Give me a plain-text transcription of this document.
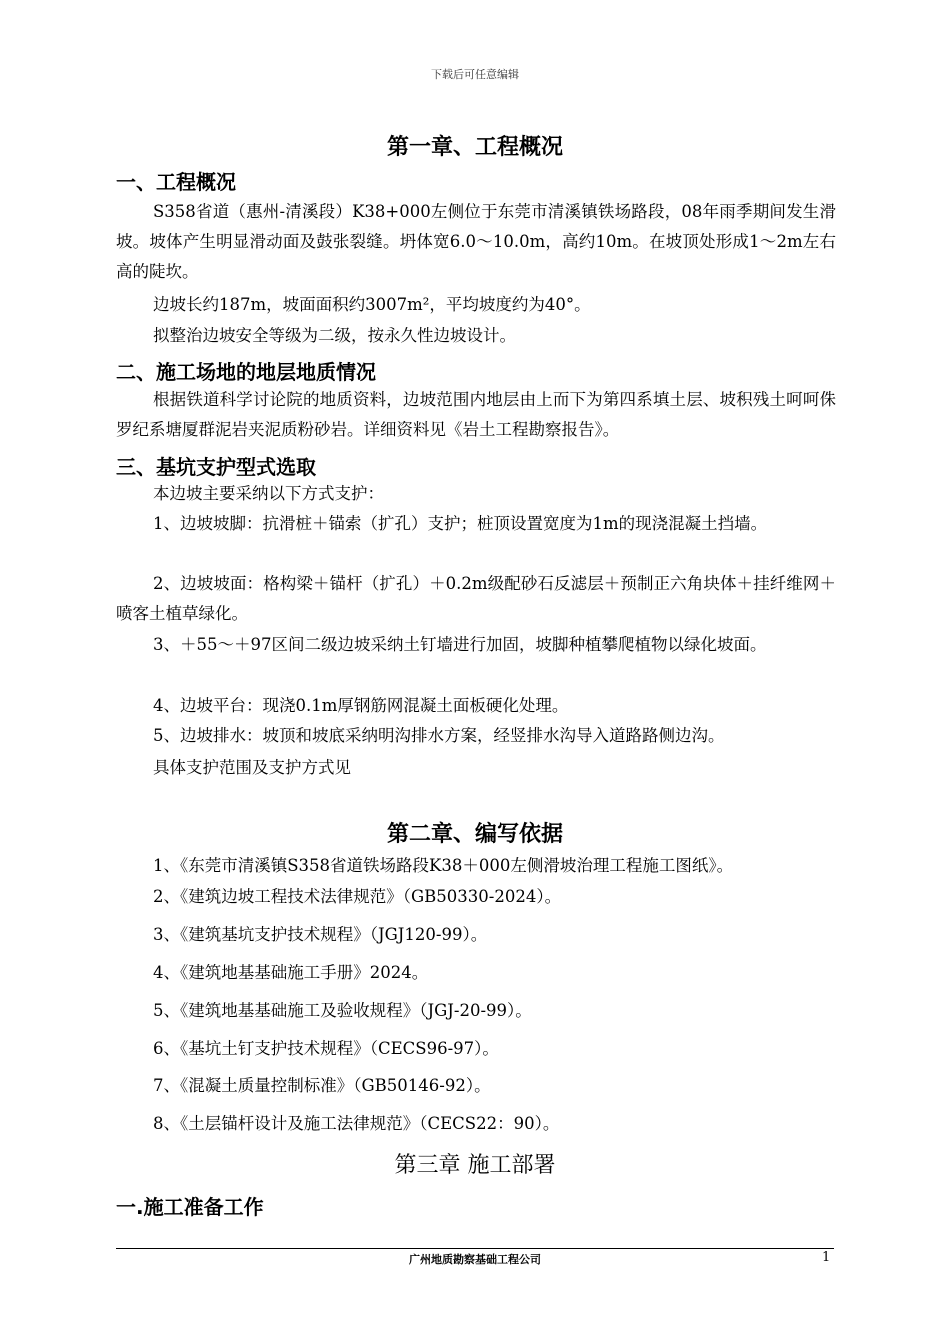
下载后可任意编辑
第一章、工程概况
一、工程概况
S358省道（惠州-清溪段）K38+000左侧位于东莞市清溪镇铁场路段，08年雨季期间发生滑坡。坡体产生明显滑动面及鼓张裂缝。坍体宽6.0～10.0m，高约10m。在坡顶处形成1～2m左右高的陡坎。
边坡长约187m，坡面面积约3007m²，平均坡度约为40°。
拟整治边坡安全等级为二级，按永久性边坡设计。
二、施工场地的地层地质情况
根据铁道科学讨论院的地质资料，边坡范围内地层由上而下为第四系填土层、坡积残土呵呵侏罗纪系塘厦群泥岩夹泥质粉砂岩。详细资料见《岩土工程勘察报告》。
三、基坑支护型式选取
本边坡主要采纳以下方式支护：
1、边坡坡脚：抗滑桩＋锚索（扩孔）支护；桩顶设置宽度为1m的现浇混凝土挡墙。
2、边坡坡面：格构梁＋锚杆（扩孔）＋0.2m级配砂石反滤层＋预制正六角块体＋挂纤维网＋喷客土植草绿化。
3、＋55～＋97区间二级边坡采纳土钉墙进行加固，坡脚种植攀爬植物以绿化坡面。
4、边坡平台：现浇0.1m厚钢筋网混凝土面板硬化处理。
5、边坡排水：坡顶和坡底采纳明沟排水方案，经竖排水沟导入道路路侧边沟。
具体支护范围及支护方式见
第二章、编写依据
1、《东莞市清溪镇S358省道铁场路段K38＋000左侧滑坡治理工程施工图纸》。
2、《建筑边坡工程技术法律规范》（GB50330-2024）。
3、《建筑基坑支护技术规程》（JGJ120-99）。
4、《建筑地基基础施工手册》2024。
5、《建筑地基基础施工及验收规程》（JGJ-20-99）。
6、《基坑土钉支护技术规程》（CECS96-97）。
7、《混凝土质量控制标准》（GB50146-92）。
8、《土层锚杆设计及施工法律规范》（CECS22：90）。
第三章 施工部署
一.施工准备工作
广州地质勘察基础工程公司	1
